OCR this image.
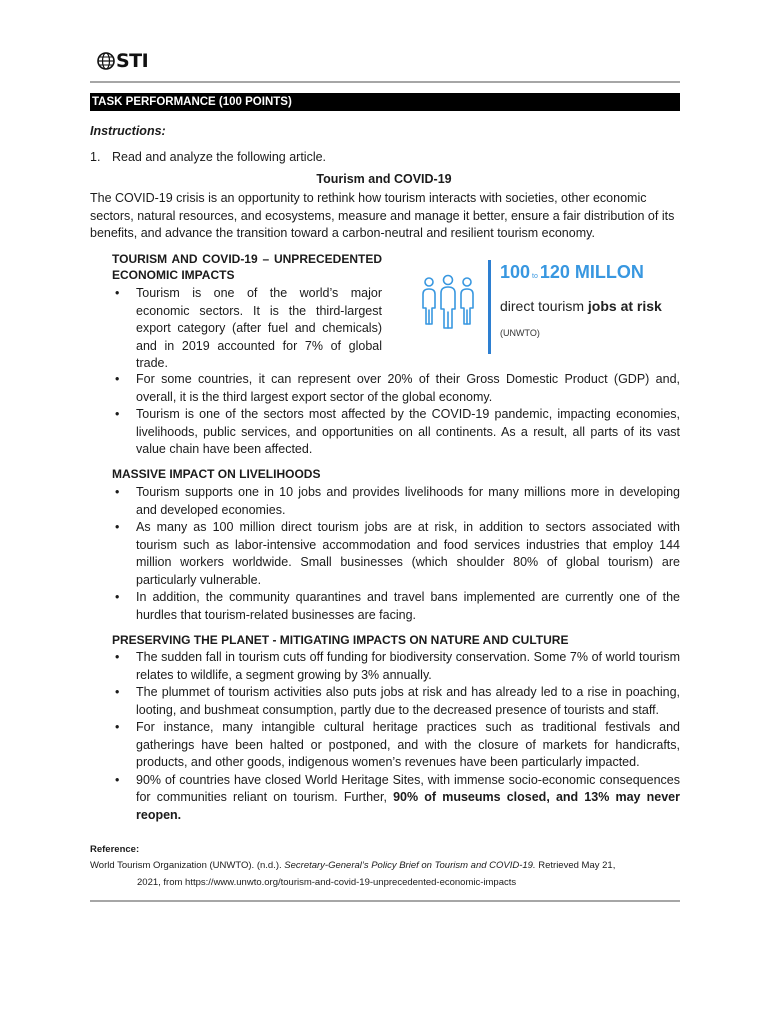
STI
TASK PERFORMANCE (100 POINTS)
Instructions:
1. Read and analyze the following article.
Tourism and COVID-19
The COVID-19 crisis is an opportunity to rethink how tourism interacts with societies, other economic sectors, natural resources, and ecosystems, measure and manage it better, ensure a fair distribution of its benefits, and advance the transition toward a carbon-neutral and resilient tourism economy.
TOURISM AND COVID-19 – UNPRECEDENTED ECONOMIC IMPACTS
• Tourism is one of the world’s major economic sectors. It is the third-largest export category (after fuel and chemicals) and in 2019 accounted for 7% of global trade.
100 to 120 MILLON
direct tourism jobs at risk
(UNWTO)
• For some countries, it can represent over 20% of their Gross Domestic Product (GDP) and, overall, it is the third largest export sector of the global economy.
• Tourism is one of the sectors most affected by the COVID-19 pandemic, impacting economies, livelihoods, public services, and opportunities on all continents. As a result, all parts of its vast value chain have been affected.
MASSIVE IMPACT ON LIVELIHOODS
• Tourism supports one in 10 jobs and provides livelihoods for many millions more in developing and developed economies.
• As many as 100 million direct tourism jobs are at risk, in addition to sectors associated with tourism such as labor-intensive accommodation and food services industries that employ 144 million workers worldwide. Small businesses (which shoulder 80% of global tourism) are particularly vulnerable.
• In addition, the community quarantines and travel bans implemented are currently one of the hurdles that tourism-related businesses are facing.
PRESERVING THE PLANET - MITIGATING IMPACTS ON NATURE AND CULTURE
• The sudden fall in tourism cuts off funding for biodiversity conservation. Some 7% of world tourism relates to wildlife, a segment growing by 3% annually.
• The plummet of tourism activities also puts jobs at risk and has already led to a rise in poaching, looting, and bushmeat consumption, partly due to the decreased presence of tourists and staff.
• For instance, many intangible cultural heritage practices such as traditional festivals and gatherings have been halted or postponed, and with the closure of markets for handicrafts, products, and other goods, indigenous women’s revenues have been particularly impacted.
• 90% of countries have closed World Heritage Sites, with immense socio-economic consequences for communities reliant on tourism. Further, 90% of museums closed, and 13% may never reopen.
Reference:
World Tourism Organization (UNWTO). (n.d.). Secretary-General’s Policy Brief on Tourism and COVID-19. Retrieved May 21,
2021, from https://www.unwto.org/tourism-and-covid-19-unprecedented-economic-impacts
